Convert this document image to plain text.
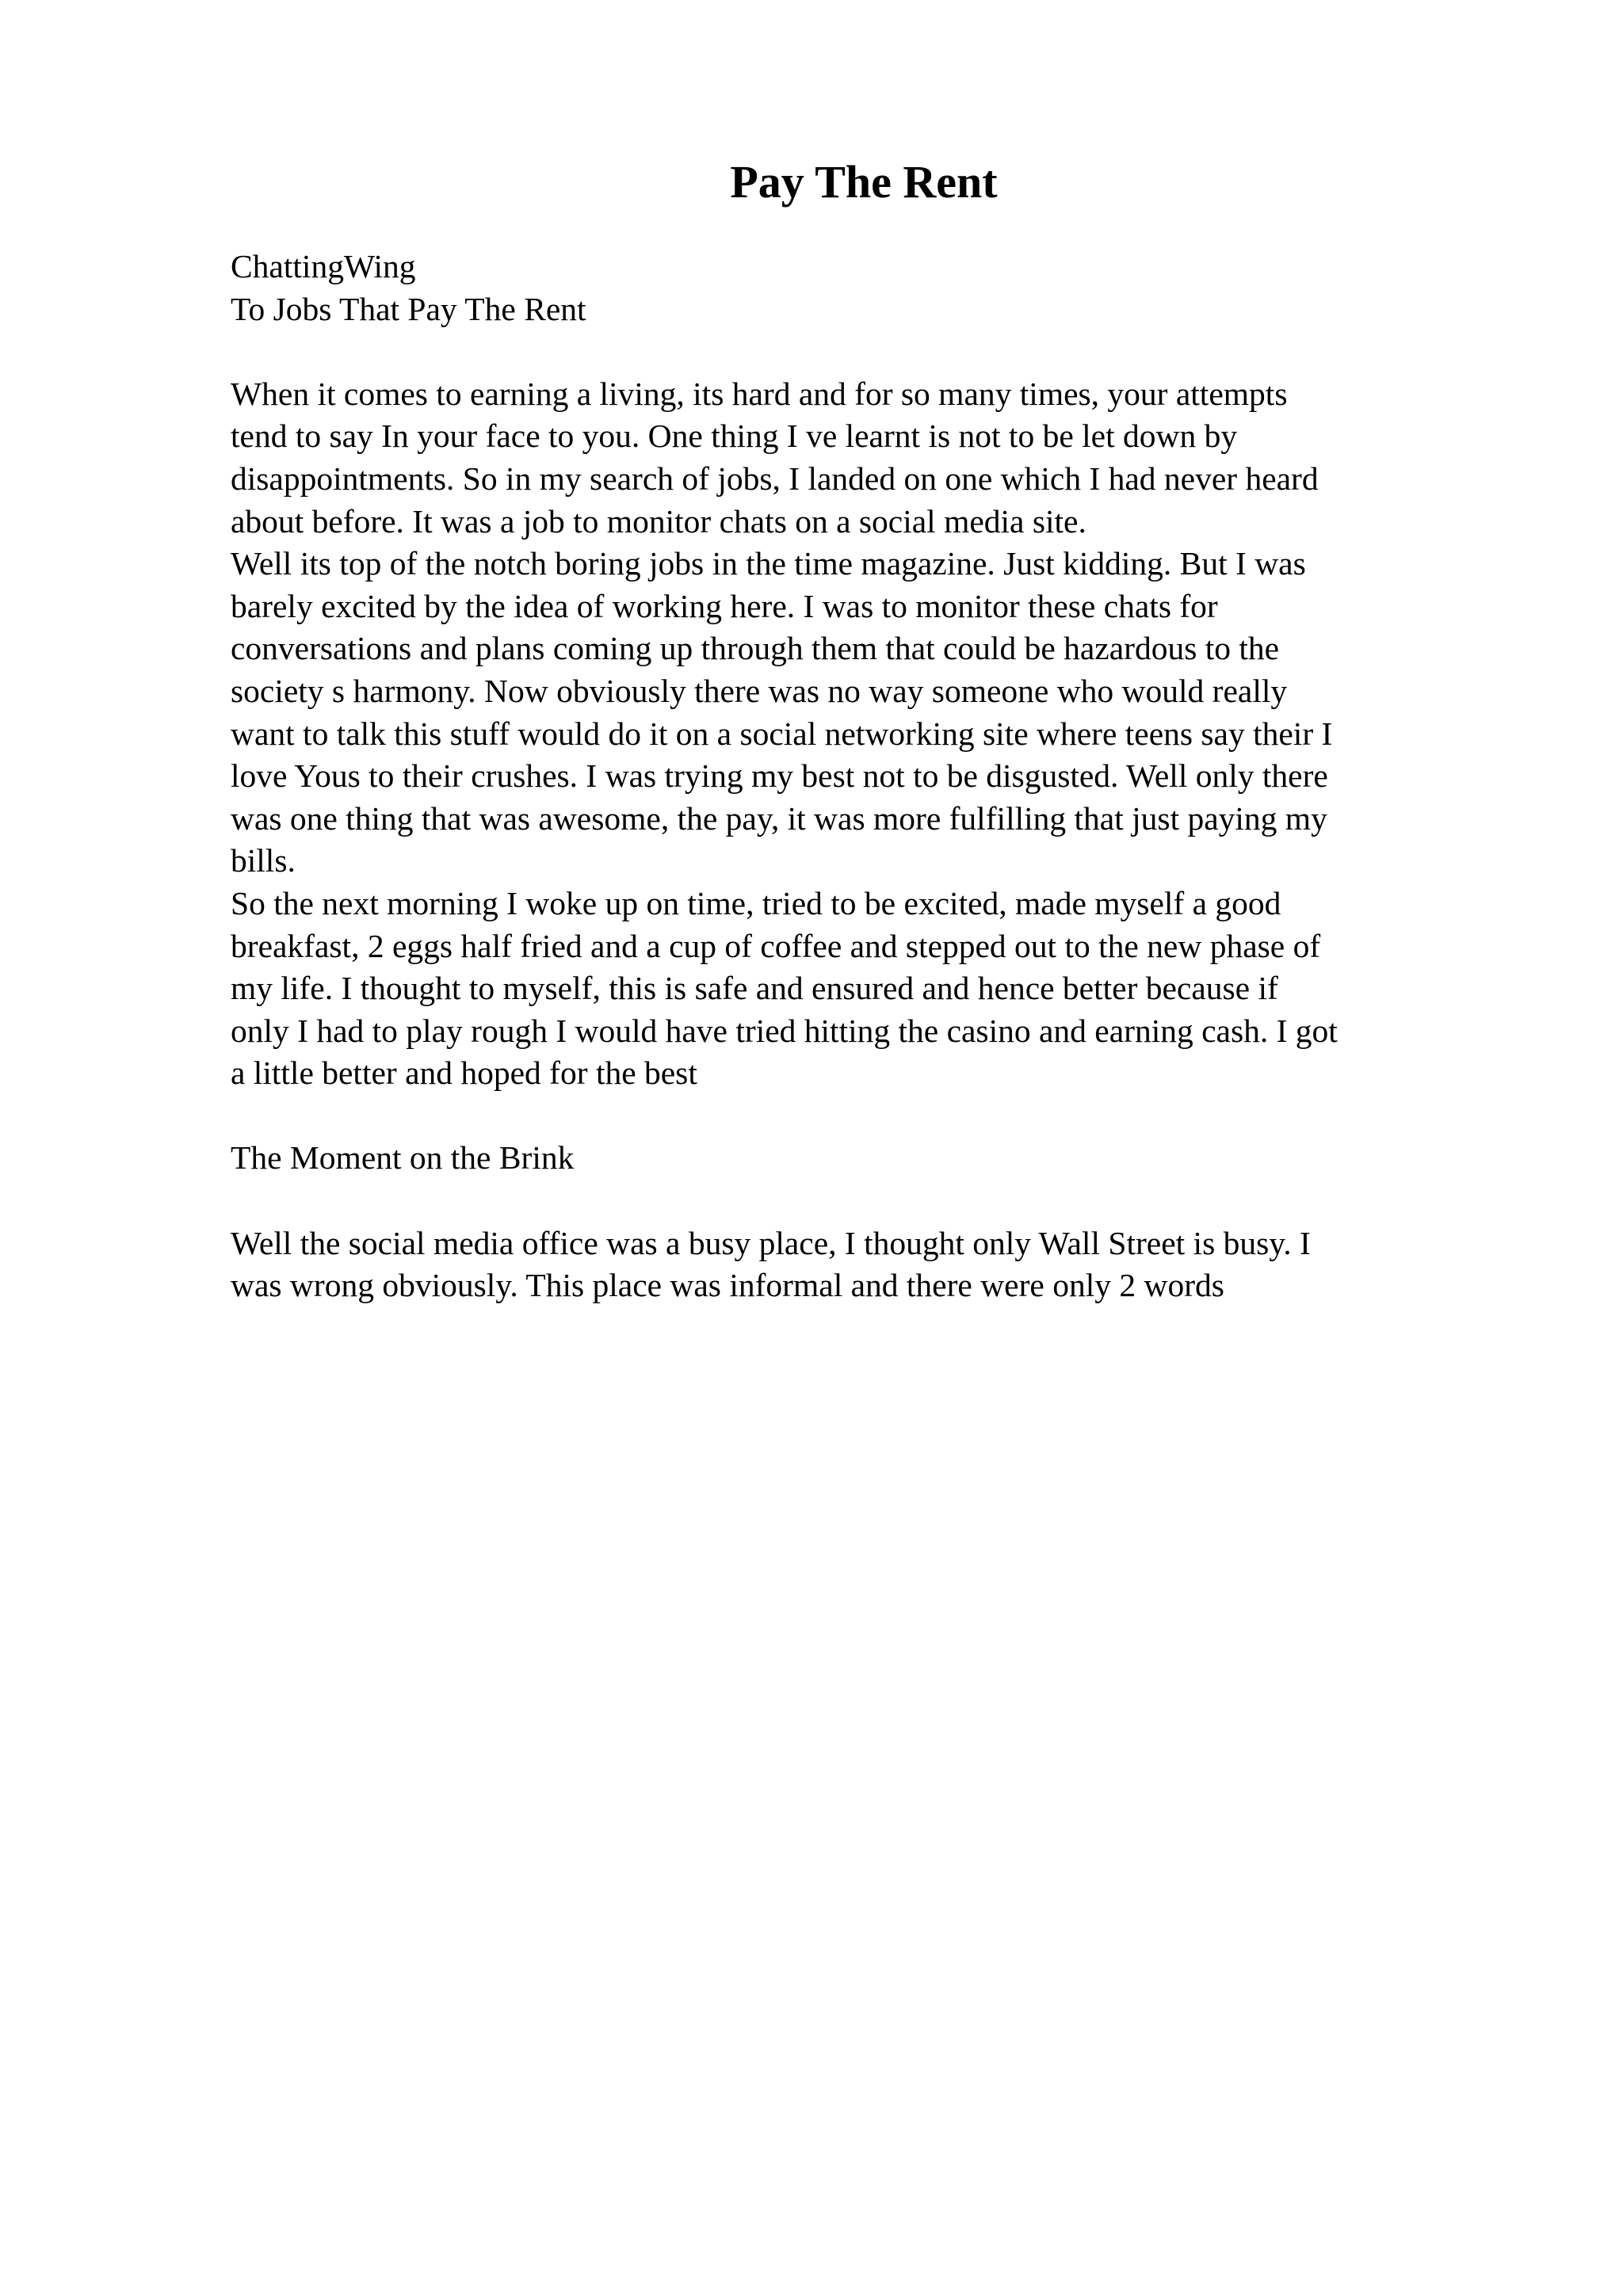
Pay The Rent
ChattingWing
To Jobs That Pay The Rent
When it comes to earning a living, its hard and for so many times, your attempts
tend to say In your face to you. One thing I ve learnt is not to be let down by
disappointments. So in my search of jobs, I landed on one which I had never heard
about before. It was a job to monitor chats on a social media site.
Well its top of the notch boring jobs in the time magazine. Just kidding. But I was
barely excited by the idea of working here. I was to monitor these chats for
conversations and plans coming up through them that could be hazardous to the
society s harmony. Now obviously there was no way someone who would really
want to talk this stuff would do it on a social networking site where teens say their I
love Yous to their crushes. I was trying my best not to be disgusted. Well only there
was one thing that was awesome, the pay, it was more fulfilling that just paying my
bills.
So the next morning I woke up on time, tried to be excited, made myself a good
breakfast, 2 eggs half fried and a cup of coffee and stepped out to the new phase of
my life. I thought to myself, this is safe and ensured and hence better because if
only I had to play rough I would have tried hitting the casino and earning cash. I got
a little better and hoped for the best
The Moment on the Brink
Well the social media office was a busy place, I thought only Wall Street is busy. I
was wrong obviously. This place was informal and there were only 2 words
